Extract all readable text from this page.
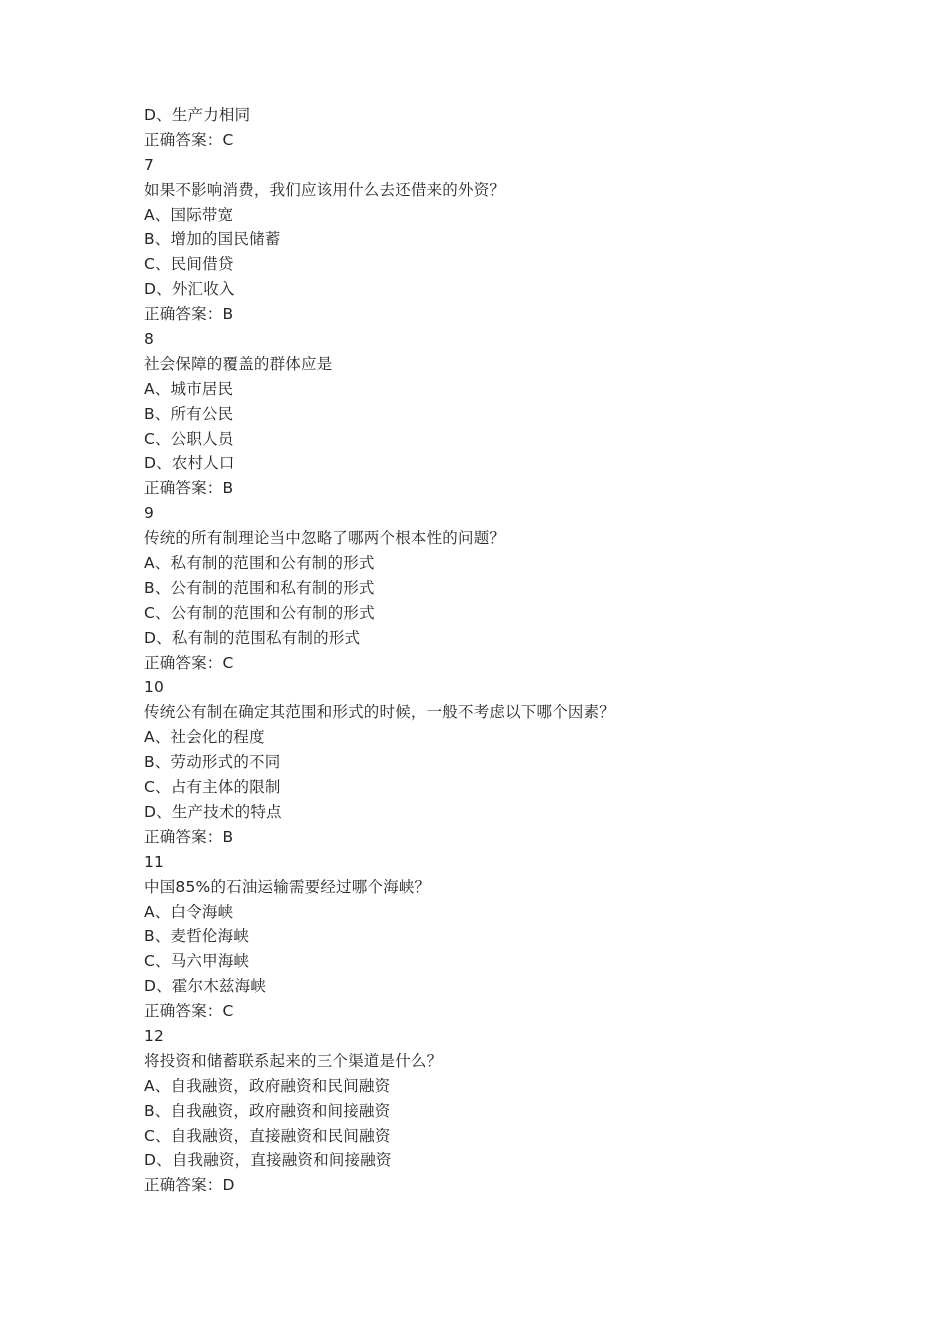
D、生产力相同
正确答案：C
7
如果不影响消费，我们应该用什么去还借来的外资？
A、国际带宽
B、增加的国民储蓄
C、民间借贷
D、外汇收入
正确答案：B
8
社会保障的覆盖的群体应是
A、城市居民
B、所有公民
C、公职人员
D、农村人口
正确答案：B
9
传统的所有制理论当中忽略了哪两个根本性的问题？
A、私有制的范围和公有制的形式
B、公有制的范围和私有制的形式
C、公有制的范围和公有制的形式
D、私有制的范围私有制的形式
正确答案：C
10
传统公有制在确定其范围和形式的时候，一般不考虑以下哪个因素？
A、社会化的程度
B、劳动形式的不同
C、占有主体的限制
D、生产技术的特点
正确答案：B
11
中国85%的石油运输需要经过哪个海峡？
A、白令海峡
B、麦哲伦海峡
C、马六甲海峡
D、霍尔木兹海峡
正确答案：C
12
将投资和储蓄联系起来的三个渠道是什么？
A、自我融资，政府融资和民间融资
B、自我融资，政府融资和间接融资
C、自我融资，直接融资和民间融资
D、自我融资，直接融资和间接融资
正确答案：D
